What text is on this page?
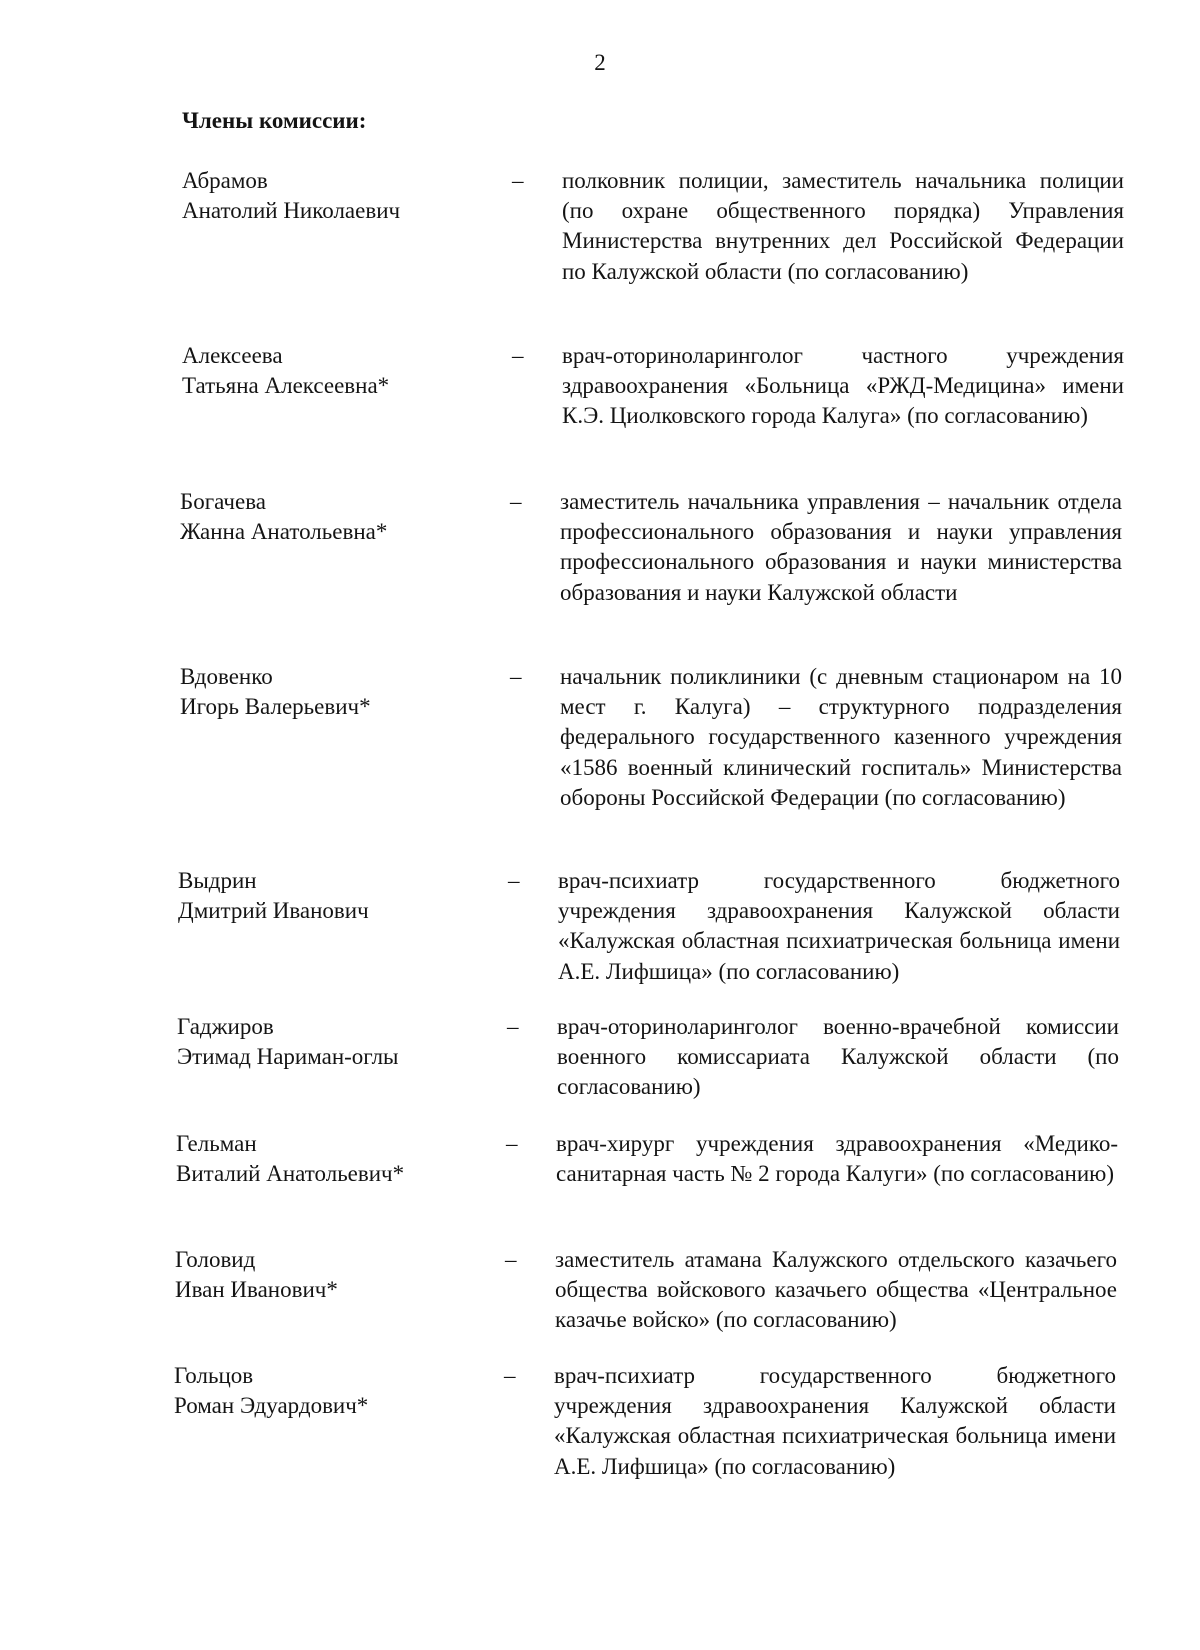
2
Члены комиссии:
Абрамов
Анатолий Николаевич
– полковник полиции, заместитель начальника полиции (по охране общественного порядка) Управления Министерства внутренних дел Российской Федерации по Калужской области (по согласованию)
Алексеева
Татьяна Алексеевна*
– врач-оториноларинголог частного учреждения здравоохранения «Больница «РЖД-Медицина» имени К.Э. Циолковского города Калуга» (по согласованию)
Богачева
Жанна Анатольевна*
– заместитель начальника управления – начальник отдела профессионального образования и науки управления профессионального образования и науки министерства образования и науки Калужской области
Вдовенко
Игорь Валерьевич*
– начальник поликлиники (с дневным стационаром на 10 мест г. Калуга) – структурного подразделения федерального государственного казенного учреждения «1586 военный клинический госпиталь» Министерства обороны Российской Федерации (по согласованию)
Выдрин
Дмитрий Иванович
– врач-психиатр государственного бюджетного учреждения здравоохранения Калужской области «Калужская областная психиатрическая больница имени А.Е. Лифшица» (по согласованию)
Гаджиров
Этимад Нариман-оглы
– врач-оториноларинголог военно-врачебной комиссии военного комиссариата Калужской области (по согласованию)
Гельман
Виталий Анатольевич*
– врач-хирург учреждения здравоохранения «Медико-санитарная часть № 2 города Калуги» (по согласованию)
Головид
Иван Иванович*
– заместитель атамана Калужского отдельского казачьего общества войскового казачьего общества «Центральное казачье войско» (по согласованию)
Гольцов
Роман Эдуардович*
– врач-психиатр государственного бюджетного учреждения здравоохранения Калужской области «Калужская областная психиатрическая больница имени А.Е. Лифшица» (по согласованию)
